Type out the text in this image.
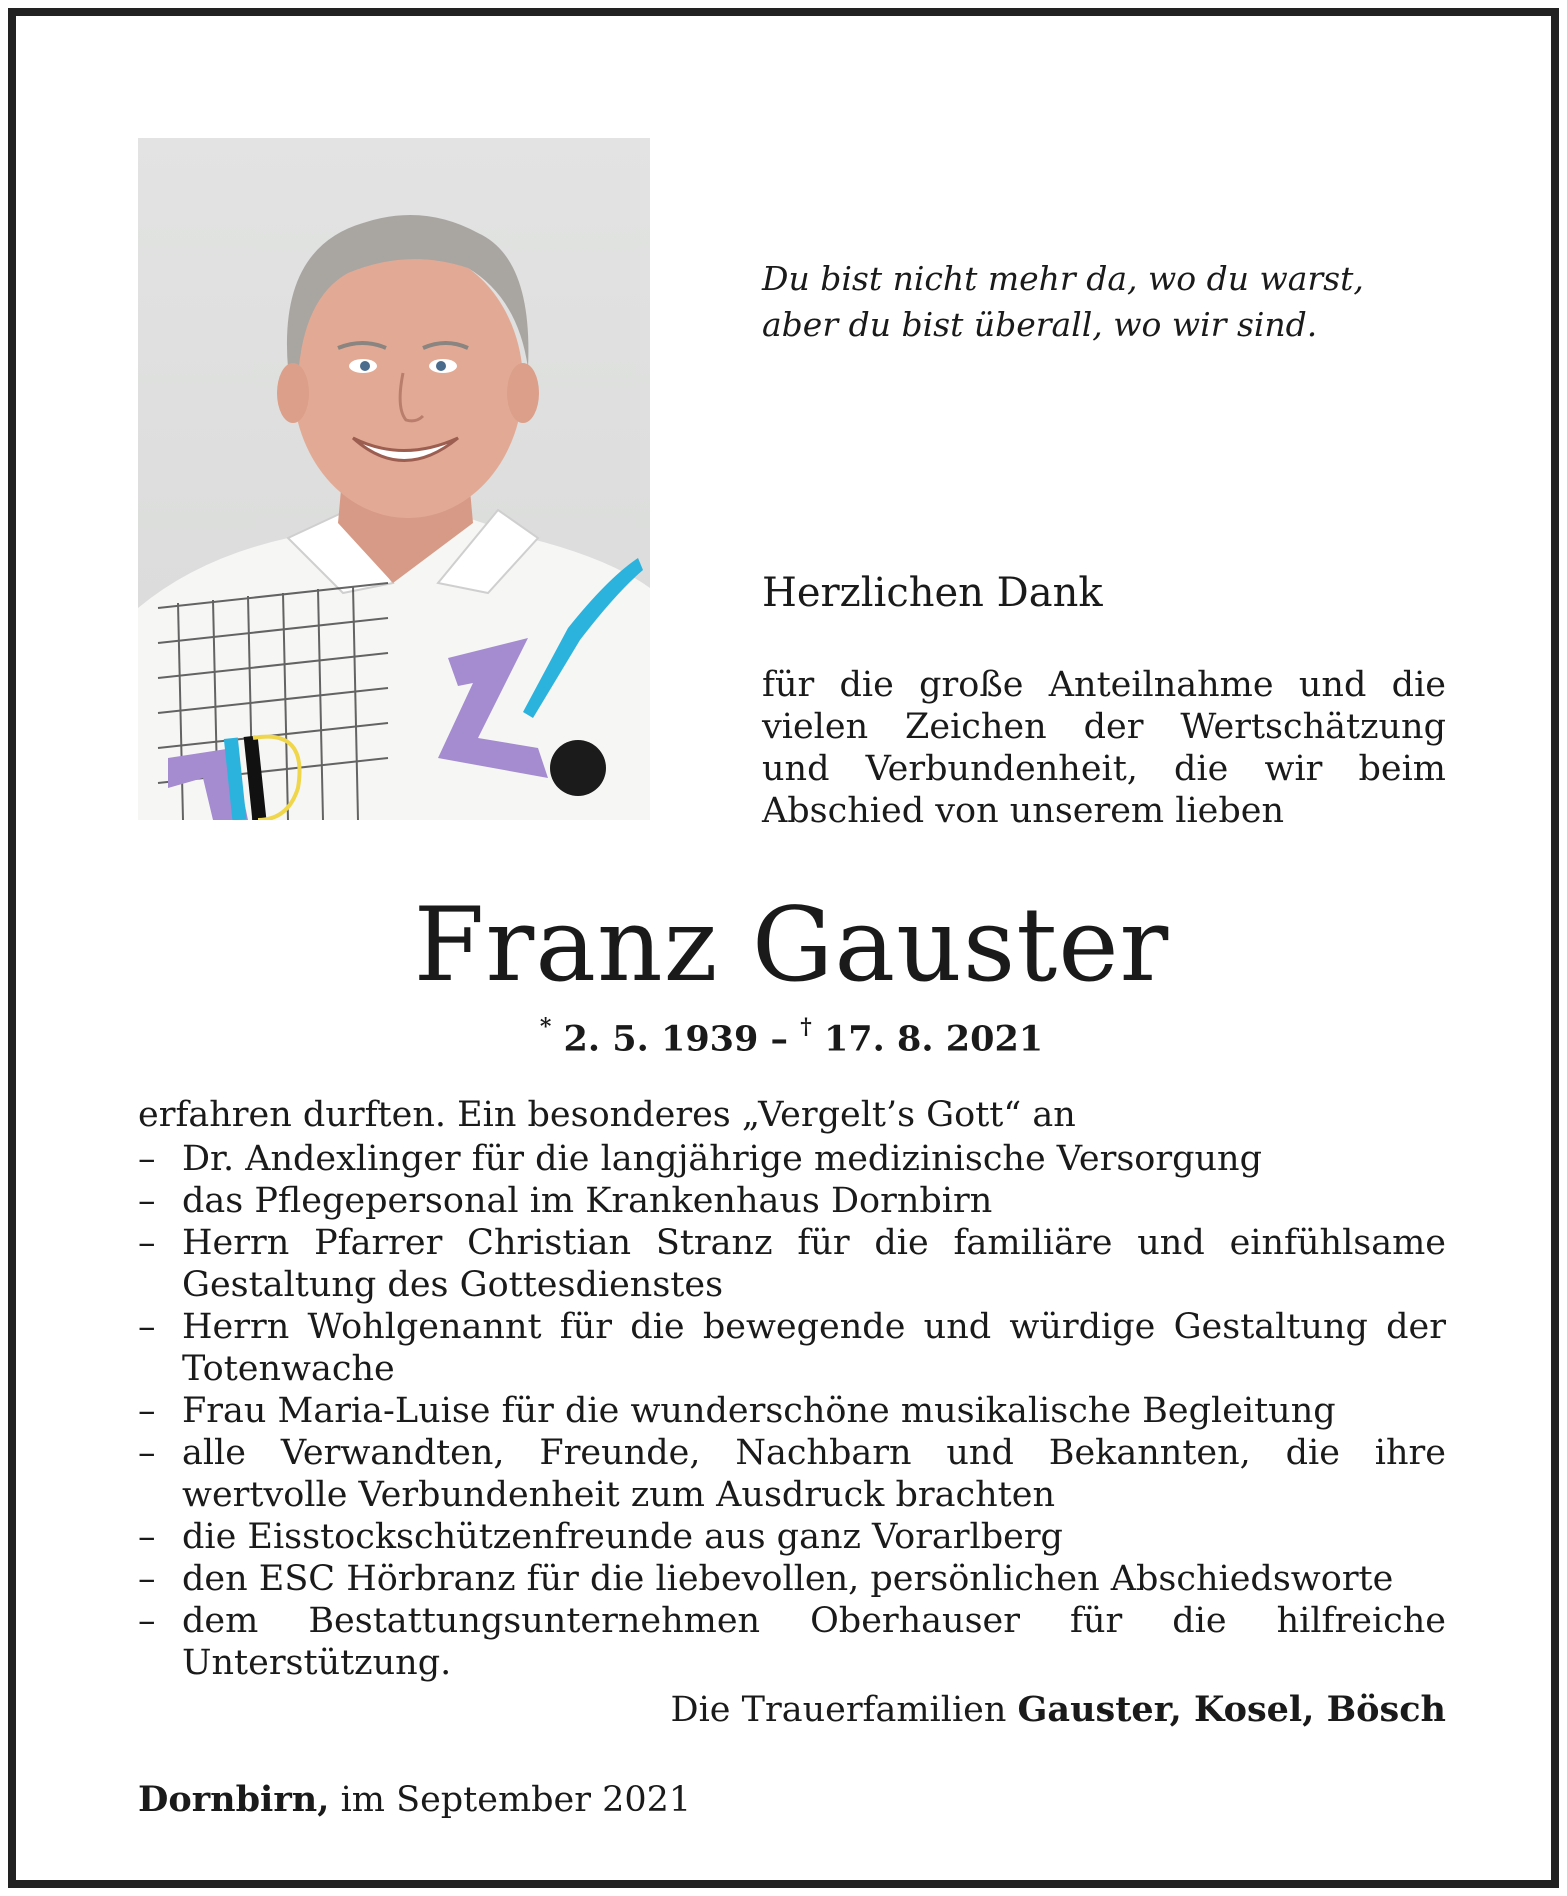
Du bist nicht mehr da, wo du warst,
aber du bist überall, wo wir sind.
Herzlichen Dank
für die große Anteilnahme und die vielen Zeichen der Wertschätzung und Verbundenheit, die wir beim Abschied von unserem lieben
Franz Gauster
* 2. 5. 1939 – † 17. 8. 2021
erfahren durften. Ein besonderes „Vergelt’s Gott“ an
– Dr. Andexlinger für die langjährige medizinische Versorgung
– das Pflegepersonal im Krankenhaus Dornbirn
– Herrn Pfarrer Christian Stranz für die familiäre und einfühlsame Gestaltung des Gottesdienstes
– Herrn Wohlgenannt für die bewegende und würdige Gestaltung der Totenwache
– Frau Maria-Luise für die wunderschöne musikalische Begleitung
– alle Verwandten, Freunde, Nachbarn und Bekannten, die ihre wertvolle Verbundenheit zum Ausdruck brachten
– die Eisstockschützenfreunde aus ganz Vorarlberg
– den ESC Hörbranz für die liebevollen, persönlichen Abschiedsworte
– dem Bestattungsunternehmen Oberhauser für die hilfreiche Unterstützung.
Die Trauerfamilien Gauster, Kosel, Bösch
Dornbirn, im September 2021
